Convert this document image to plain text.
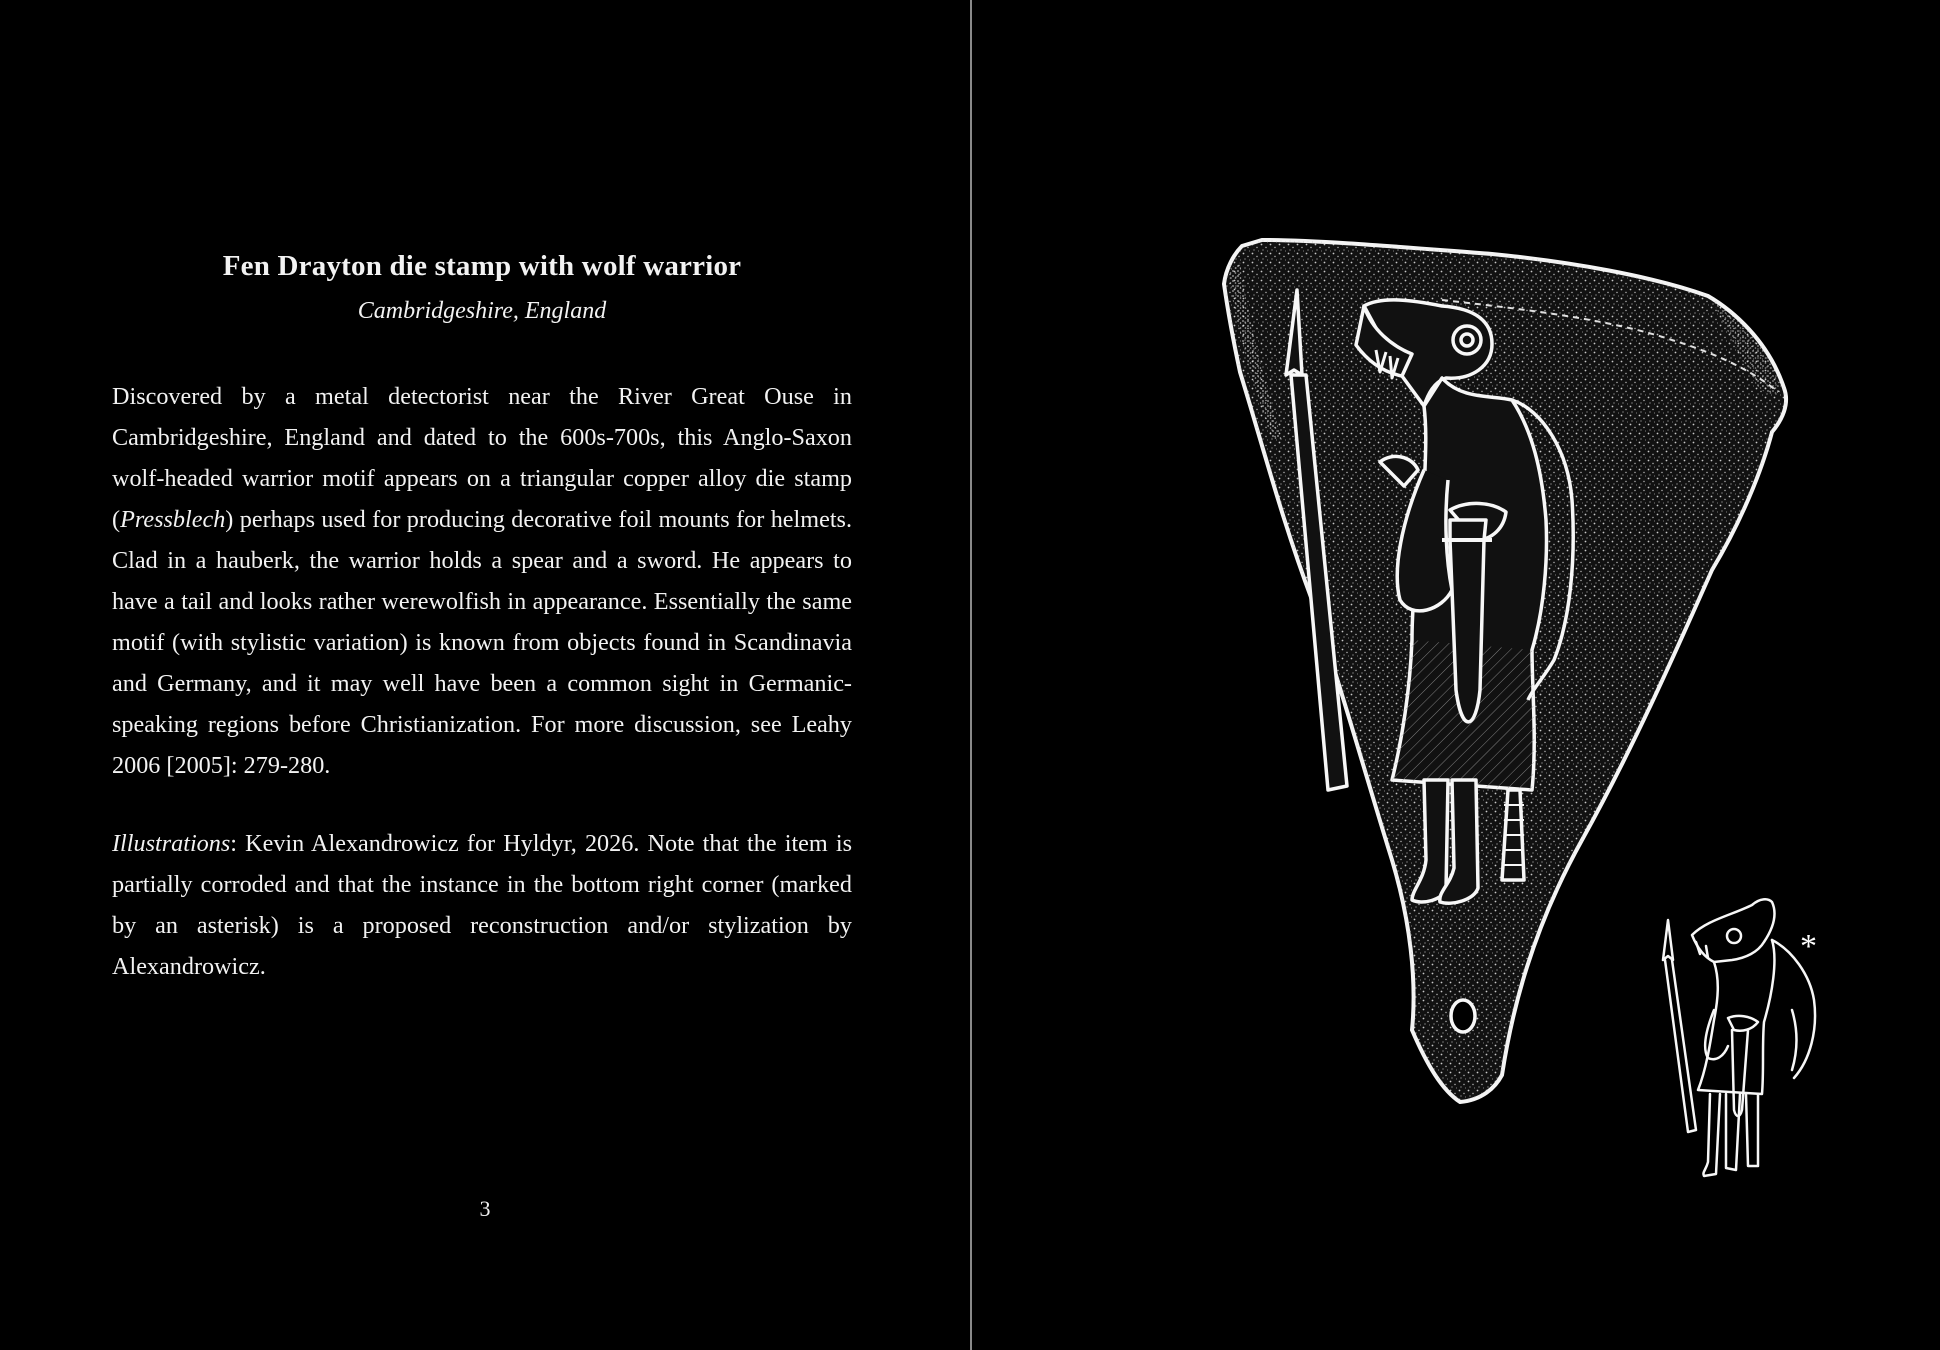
Fen Drayton die stamp with wolf warrior
Cambridgeshire, England
Discovered by a metal detectorist near the River Great Ouse in Cambridgeshire, England and dated to the 600s-700s, this Anglo-Saxon wolf-headed warrior motif appears on a triangular copper alloy die stamp (Pressblech) perhaps used for producing decorative foil mounts for helmets. Clad in a hauberk, the warrior holds a spear and a sword. He appears to have a tail and looks rather werewolfish in appearance. Essentially the same motif (with stylistic variation) is known from objects found in Scandinavia and Germany, and it may well have been a common sight in Germanic-speaking regions before Christianization. For more discussion, see Leahy 2006 [2005]: 279-280.
Illustrations: Kevin Alexandrowicz for Hyldyr, 2026. Note that the item is partially corroded and that the instance in the bottom right corner (marked by an asterisk) is a proposed reconstruction and/or stylization by Alexandrowicz.
3
*
